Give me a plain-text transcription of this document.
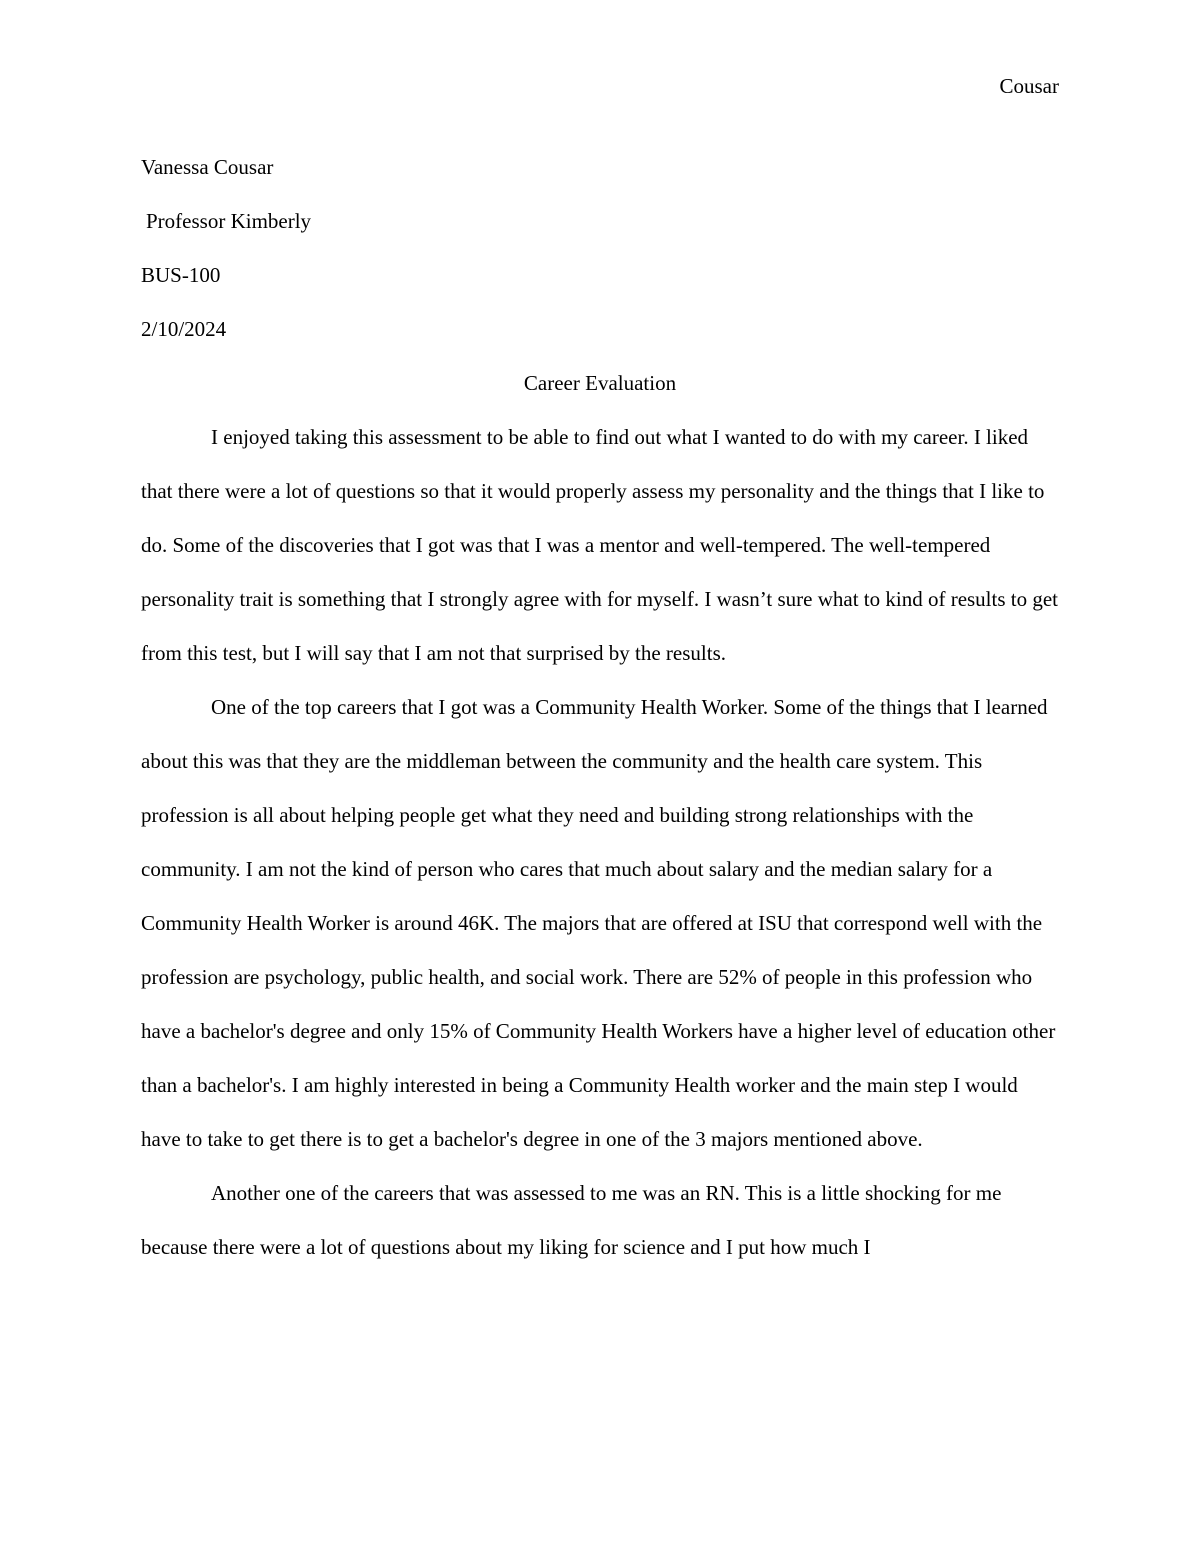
Cousar

Vanessa Cousar

Professor Kimberly

BUS-100

2/10/2024

Career Evaluation

I enjoyed taking this assessment to be able to find out what I wanted to do with my career. I liked that there were a lot of questions so that it would properly assess my personality and the things that I like to do. Some of the discoveries that I got was that I was a mentor and well-tempered. The well-tempered personality trait is something that I strongly agree with for myself. I wasn’t sure what to kind of results to get from this test, but I will say that I am not that surprised by the results.

One of the top careers that I got was a Community Health Worker. Some of the things that I learned about this was that they are the middleman between the community and the health care system. This profession is all about helping people get what they need and building strong relationships with the community. I am not the kind of person who cares that much about salary and the median salary for a Community Health Worker is around 46K. The majors that are offered at ISU that correspond well with the profession are psychology, public health, and social work. There are 52% of people in this profession who have a bachelor's degree and only 15% of Community Health Workers have a higher level of education other than a bachelor's. I am highly interested in being a Community Health worker and the main step I would have to take to get there is to get a bachelor's degree in one of the 3 majors mentioned above.

Another one of the careers that was assessed to me was an RN. This is a little shocking for me because there were a lot of questions about my liking for science and I put how much I
